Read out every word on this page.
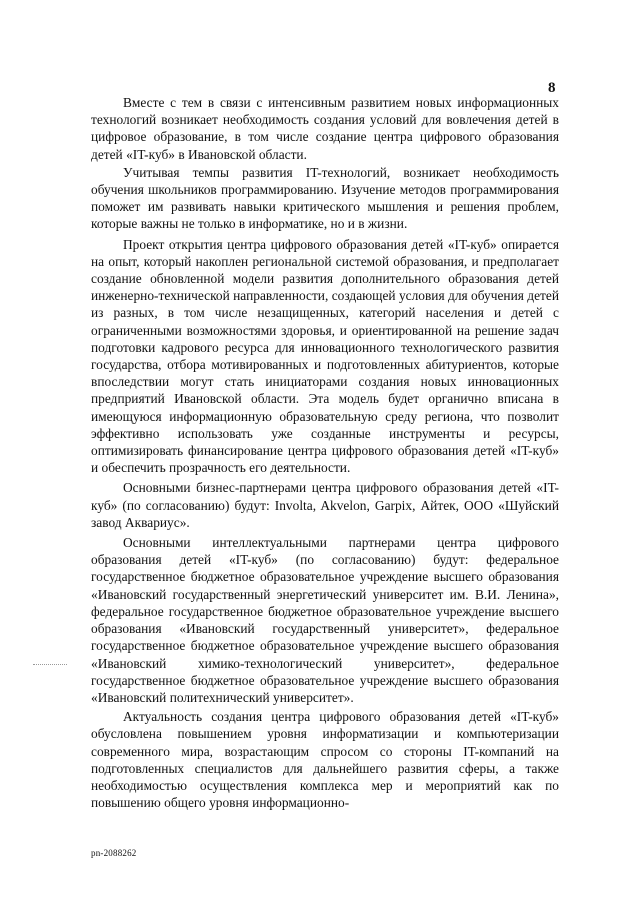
8

Вместе с тем в связи с интенсивным развитием новых информационных технологий возникает необходимость создания условий для вовлечения детей в цифровое образование, в том числе создание центра цифрового образования детей «IT-куб» в Ивановской области.

Учитывая темпы развития IT-технологий, возникает необходимость обучения школьников программированию. Изучение методов программирования поможет им развивать навыки критического мышления и решения проблем, которые важны не только в информатике, но и в жизни.

Проект открытия центра цифрового образования детей «IT-куб» опирается на опыт, который накоплен региональной системой образования, и предполагает создание обновленной модели развития дополнительного образования детей инженерно-технической направленности, создающей условия для обучения детей из разных, в том числе незащищенных, категорий населения и детей с ограниченными возможностями здоровья, и ориентированной на решение задач подготовки кадрового ресурса для инновационного технологического развития государства, отбора мотивированных и подготовленных абитуриентов, которые впоследствии могут стать инициаторами создания новых инновационных предприятий Ивановской области. Эта модель будет органично вписана в имеющуюся информационную образовательную среду региона, что позволит эффективно использовать уже созданные инструменты и ресурсы, оптимизировать финансирование центра цифрового образования детей «IT-куб» и обеспечить прозрачность его деятельности.

Основными бизнес-партнерами центра цифрового образования детей «IT-куб» (по согласованию) будут: Involta, Akvelon, Garpix, Айтек, ООО «Шуйский завод Аквариус».

Основными интеллектуальными партнерами центра цифрового образования детей «IT-куб» (по согласованию) будут: федеральное государственное бюджетное образовательное учреждение высшего образования «Ивановский государственный энергетический университет им. В.И. Ленина», федеральное государственное бюджетное образовательное учреждение высшего образования «Ивановский государственный университет», федеральное государственное бюджетное образовательное учреждение высшего образования «Ивановский химико-технологический университет», федеральное государственное бюджетное образовательное учреждение высшего образования «Ивановский политехнический университет».

Актуальность создания центра цифрового образования детей «IT-куб» обусловлена повышением уровня информатизации и компьютеризации современного мира, возрастающим спросом со стороны IT-компаний на подготовленных специалистов для дальнейшего развития сферы, а также необходимостью осуществления комплекса мер и мероприятий как по повышению общего уровня информационно-

pn-2088262
